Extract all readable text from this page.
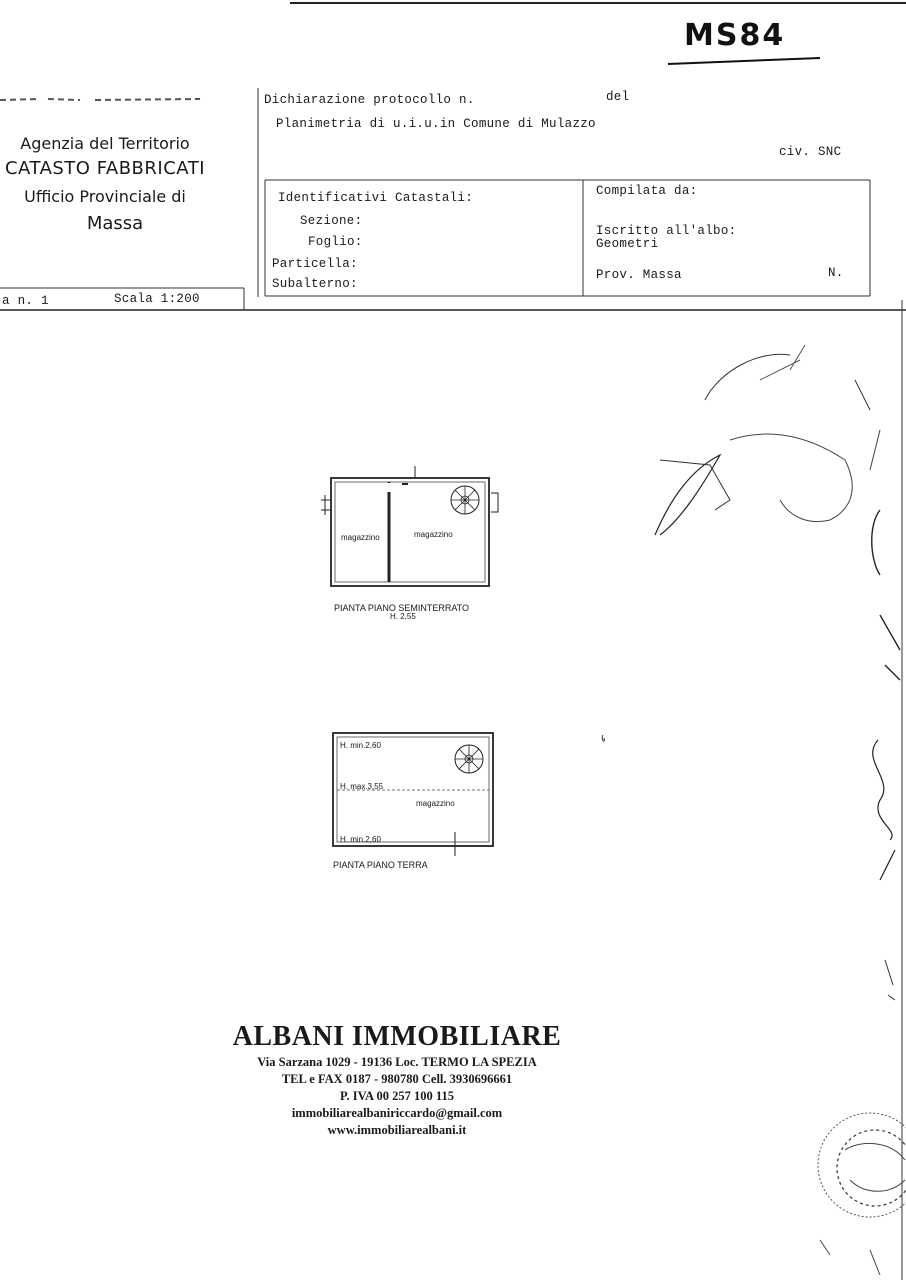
MS84
Agenzia del Territorio
CATASTO FABBRICATI
Ufficio Provinciale di
Massa
Dichiarazione protocollo n.	del
Planimetria di u.i.u.in Comune di Mulazzo
civ. SNC
Identificativi Catastali:
Sezione:
Foglio:
Particella:
Subalterno:
Compilata da:
Iscritto all'albo:
Geometri
Prov. Massa	N.
a n. 1	Scala 1:200
magazzino	magazzino
PIANTA PIANO SEMINTERRATO
H. 2,55
H. min.2,60
H. max.3,55
magazzino
H. min.2,60
PIANTA PIANO TERRA
ALBANI IMMOBILIARE
Via Sarzana 1029 - 19136 Loc. TERMO LA SPEZIA
TEL e FAX 0187 - 980780 Cell. 3930696661
P. IVA 00 257 100 115
immobiliarealbaniriccardo@gmail.com
www.immobiliarealbani.it
